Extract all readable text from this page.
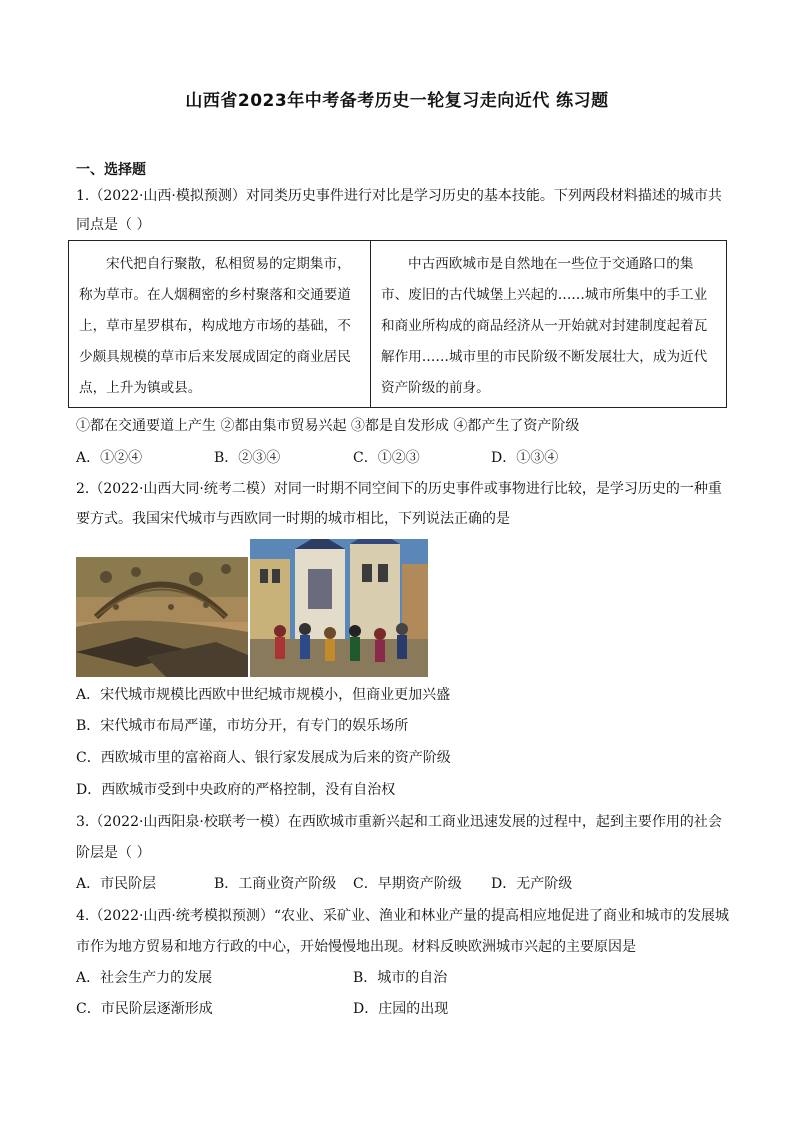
山西省2023年中考备考历史一轮复习走向近代 练习题
一、选择题
1.（2022·山西·模拟预测）对同类历史事件进行对比是学习历史的基本技能。下列两段材料描述的城市共
同点是（ ）
宋代把自行聚散，私相贸易的定期集市，称为草市。在人烟稠密的乡村聚落和交通要道上，草市星罗棋布，构成地方市场的基础，不少颇具规模的草市后来发展成固定的商业居民点，上升为镇或县。	中古西欧城市是自然地在一些位于交通路口的集市、废旧的古代城堡上兴起的……城市所集中的手工业和商业所构成的商品经济从一开始就对封建制度起着瓦解作用……城市里的市民阶级不断发展壮大，成为近代资产阶级的前身。
①都在交通要道上产生 ②都由集市贸易兴起 ③都是自发形成 ④都产生了资产阶级
A．①②④	B．②③④	C．①②③	D．①③④
2.（2022·山西大同·统考二模）对同一时期不同空间下的历史事件或事物进行比较，是学习历史的一种重
要方式。我国宋代城市与西欧同一时期的城市相比，下列说法正确的是
A．宋代城市规模比西欧中世纪城市规模小，但商业更加兴盛
B．宋代城市布局严谨，市坊分开，有专门的娱乐场所
C．西欧城市里的富裕商人、银行家发展成为后来的资产阶级
D．西欧城市受到中央政府的严格控制，没有自治权
3.（2022·山西阳泉·校联考一模）在西欧城市重新兴起和工商业迅速发展的过程中，起到主要作用的社会
阶层是（ ）
A．市民阶层	B．工商业资产阶级 C．早期资产阶级 D．无产阶级
4.（2022·山西·统考模拟预测）“农业、采矿业、渔业和林业产量的提高相应地促进了商业和城市的发展城
市作为地方贸易和地方行政的中心，开始慢慢地出现。材料反映欧洲城市兴起的主要原因是
A．社会生产力的发展	B．城市的自治
C．市民阶层逐渐形成	D．庄园的出现
